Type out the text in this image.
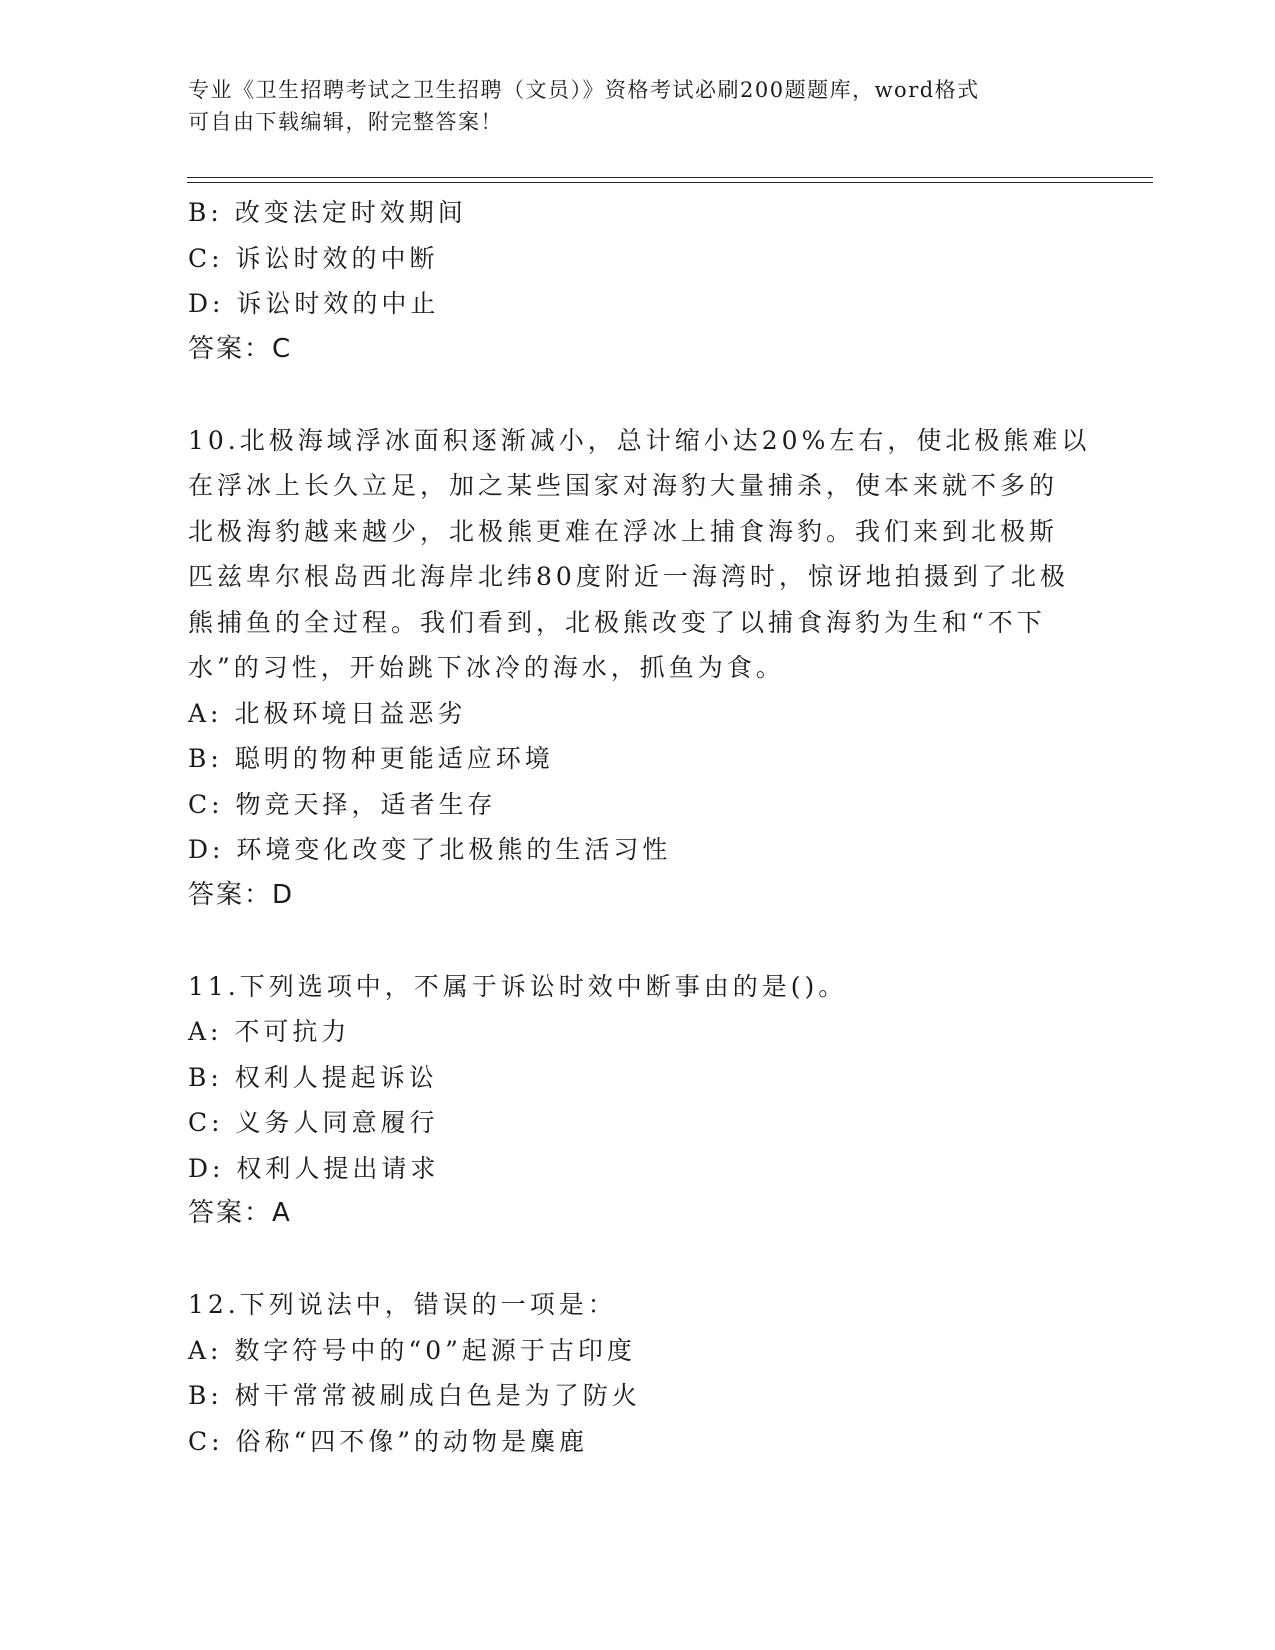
专业《卫生招聘考试之卫生招聘（文员）》资格考试必刷200题题库，word格式
可自由下载编辑，附完整答案！
B: 改变法定时效期间
C: 诉讼时效的中断
D: 诉讼时效的中止
答案：C
10.北极海域浮冰面积逐渐减小，总计缩小达20%左右，使北极熊难以
在浮冰上长久立足，加之某些国家对海豹大量捕杀，使本来就不多的
北极海豹越来越少，北极熊更难在浮冰上捕食海豹。我们来到北极斯
匹兹卑尔根岛西北海岸北纬80度附近一海湾时，惊讶地拍摄到了北极
熊捕鱼的全过程。我们看到，北极熊改变了以捕食海豹为生和“不下
水”的习性，开始跳下冰冷的海水，抓鱼为食。
A: 北极环境日益恶劣
B: 聪明的物种更能适应环境
C: 物竞天择，适者生存
D: 环境变化改变了北极熊的生活习性
答案：D
11.下列选项中，不属于诉讼时效中断事由的是()。
A: 不可抗力
B: 权利人提起诉讼
C: 义务人同意履行
D: 权利人提出请求
答案：A
12.下列说法中，错误的一项是：
A: 数字符号中的“0”起源于古印度
B: 树干常常被刷成白色是为了防火
C: 俗称“四不像”的动物是麋鹿
